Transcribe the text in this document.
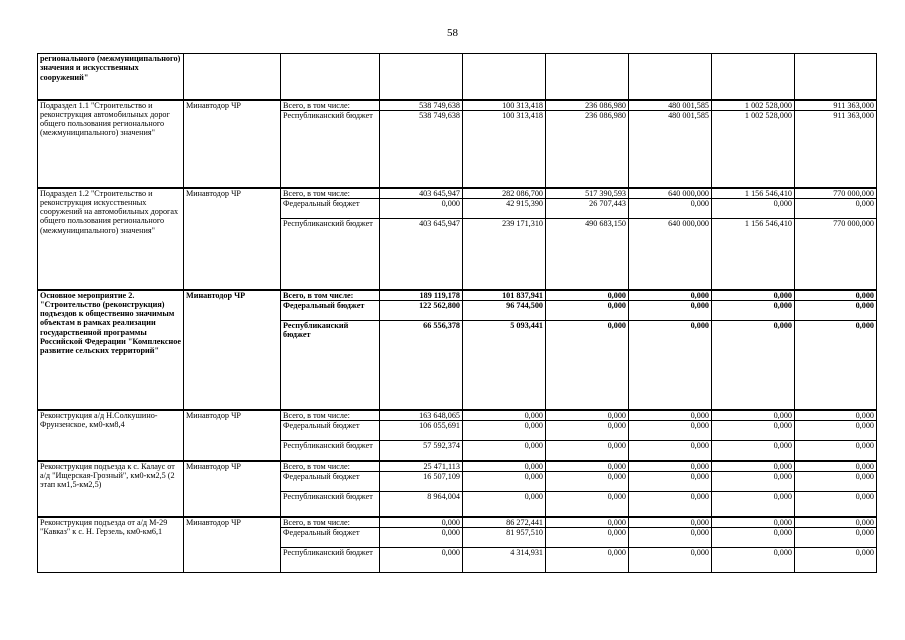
58
регионального (межмуниципального) значения и искусственных сооружений"								
Подраздел 1.1 "Строительство и реконструкция автомобильных дорог общего пользования регионального (межмуниципального) значения"	Минавтодор ЧР	Всего, в том числе:	538 749,638	100 313,418	236 086,980	480 001,585	1 002 528,000	911 363,000
		Республиканский бюджет	538 749,638	100 313,418	236 086,980	480 001,585	1 002 528,000	911 363,000
Подраздел 1.2 "Строительство и реконструкция искусственных сооружений на автомобильных дорогах общего пользования регионального (межмуниципального) значения"	Минавтодор ЧР	Всего, в том числе:	403 645,947	282 086,700	517 390,593	640 000,000	1 156 546,410	770 000,000
		Федеральный бюджет	0,000	42 915,390	26 707,443	0,000	0,000	0,000
		Республиканский бюджет	403 645,947	239 171,310	490 683,150	640 000,000	1 156 546,410	770 000,000
Основное мероприятие 2. "Строительство (реконструкция) подъездов к общественно значимым объектам в рамках реализации государственной программы Российской Федерации "Комплексное развитие сельских территорий"	Минавтодор ЧР	Всего, в том числе:	189 119,178	101 837,941	0,000	0,000	0,000	0,000
		Федеральный бюджет	122 562,800	96 744,500	0,000	0,000	0,000	0,000
		Республиканский бюджет	66 556,378	5 093,441	0,000	0,000	0,000	0,000
Реконструкция а/д Н.Солкушино-Фрунзенское, км0-км8,4	Минавтодор ЧР	Всего, в том числе:	163 648,065	0,000	0,000	0,000	0,000	0,000
		Федеральный бюджет	106 055,691	0,000	0,000	0,000	0,000	0,000
		Республиканский бюджет	57 592,374	0,000	0,000	0,000	0,000	0,000
Реконструкция подъезда к с. Калаус от а/д "Ищерская-Грозный", км0-км2,5 (2 этап км1,5-км2,5)	Минавтодор ЧР	Всего, в том числе:	25 471,113	0,000	0,000	0,000	0,000	0,000
		Федеральный бюджет	16 507,109	0,000	0,000	0,000	0,000	0,000
		Республиканский бюджет	8 964,004	0,000	0,000	0,000	0,000	0,000
Реконструкция подъезда от а/д М-29 "Кавказ" к с. Н. Герзель, км0-км6,1	Минавтодор ЧР	Всего, в том числе:	0,000	86 272,441	0,000	0,000	0,000	0,000
		Федеральный бюджет	0,000	81 957,510	0,000	0,000	0,000	0,000
		Республиканский бюджет	0,000	4 314,931	0,000	0,000	0,000	0,000
